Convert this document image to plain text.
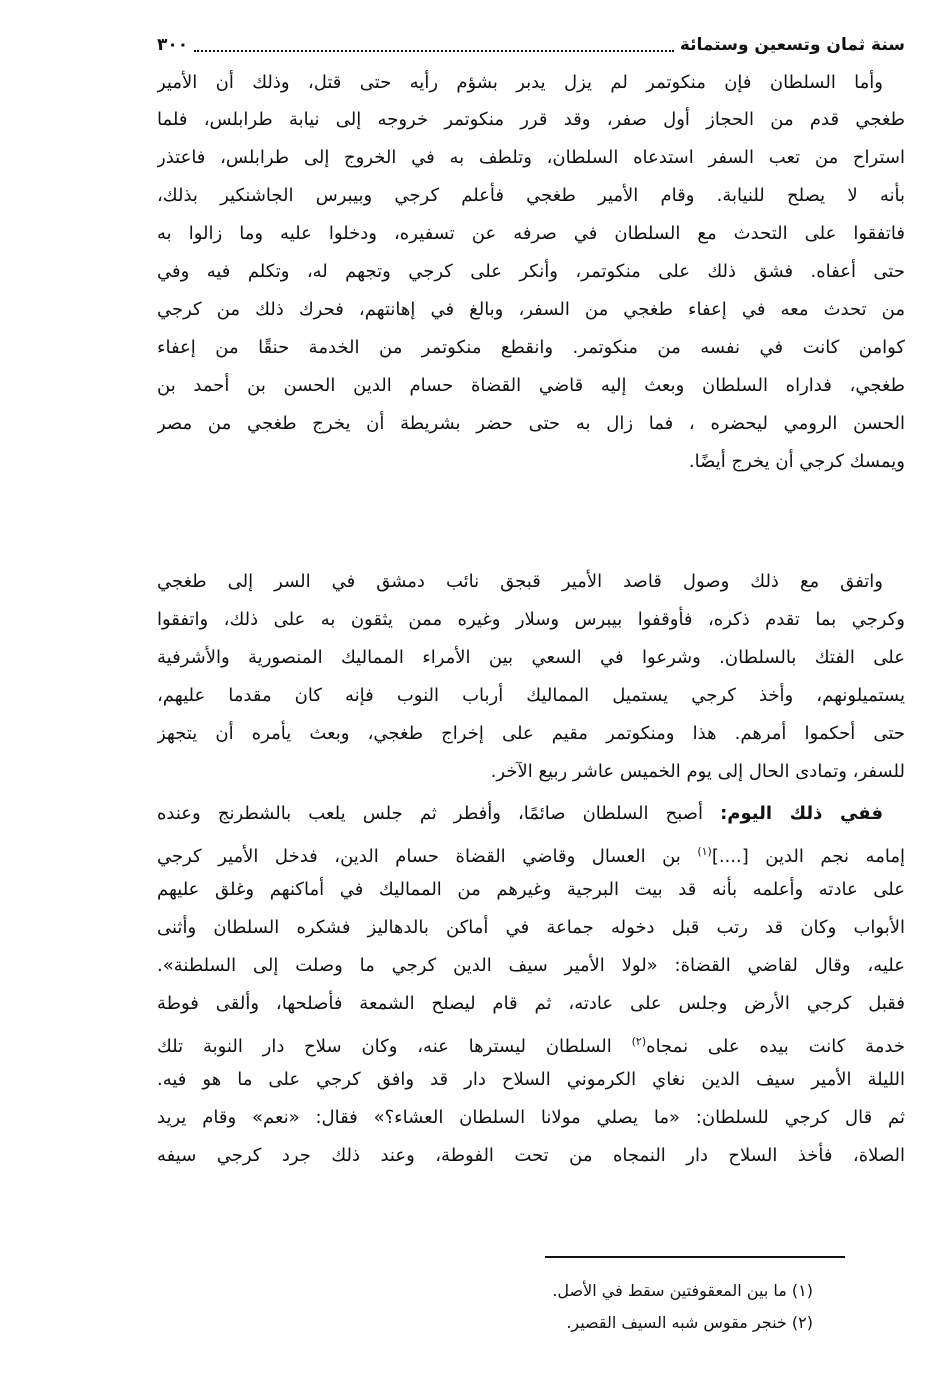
سنة ثمان وتسعين وستمائة
٣٠٠
وأما السلطان فإن منكوتمر لم يزل يدبر بشؤم رأيه حتى قتل، وذلك أن الأمير
طغجي قدم من الحجاز أول صفر، وقد قرر منكوتمر خروجه إلى نيابة طرابلس، فلما
استراح من تعب السفر استدعاه السلطان، وتلطف به في الخروج إلى طرابلس، فاعتذر
بأنه لا يصلح للنيابة. وقام الأمير طغجي فأعلم كرجي وبيبرس الجاشنكير بذلك،
فاتفقوا على التحدث مع السلطان في صرفه عن تسفيره، ودخلوا عليه وما زالوا به
حتى أعفاه. فشق ذلك على منكوتمر، وأنكر على كرجي وتجهم له، وتكلم فيه وفي
من تحدث معه في إعفاء طغجي من السفر، وبالغ في إهانتهم، فحرك ذلك من كرجي
كوامن كانت في نفسه من منكوتمر. وانقطع منكوتمر من الخدمة حنقًا من إعفاء
طغجي، فداراه السلطان وبعث إليه قاضي القضاة حسام الدين الحسن بن أحمد بن
الحسن الرومي ليحضره ، فما زال به حتى حضر بشريطة أن يخرج طغجي من مصر
ويمسك كرجي أن يخرج أيضًا.
واتفق مع ذلك وصول قاصد الأمير قبجق نائب دمشق في السر إلى طغجي
وكرجي بما تقدم ذكره، فأوقفوا بيبرس وسلار وغيره ممن يثقون به على ذلك، واتفقوا
على الفتك بالسلطان. وشرعوا في السعي بين الأمراء المماليك المنصورية والأشرفية
يستميلونهم، وأخذ كرجي يستميل المماليك أرباب النوب فإنه كان مقدما عليهم،
حتى أحكموا أمرهم. هذا ومنكوتمر مقيم على إخراج طغجي، وبعث يأمره أن يتجهز
للسفر، وتمادى الحال إلى يوم الخميس عاشر ربيع الآخر.
ففي ذلك اليوم: أصبح السلطان صائمًا، وأفطر ثم جلس يلعب بالشطرنج وعنده
إمامه نجم الدين [....]$^{(١)}$ بن العسال وقاضي القضاة حسام الدين، فدخل الأمير كرجي
على عادته وأعلمه بأنه قد بيت البرجية وغيرهم من المماليك في أماكنهم وغلق عليهم
الأبواب وكان قد رتب قبل دخوله جماعة في أماكن بالدهاليز فشكره السلطان وأثنى
عليه، وقال لقاضي القضاة: «لولا الأمير سيف الدين كرجي ما وصلت إلى السلطنة».
فقبل كرجي الأرض وجلس على عادته، ثم قام ليصلح الشمعة فأصلحها، وألقى فوطة
خدمة كانت بيده على نمجاه$^{(٢)}$ السلطان ليسترها عنه، وكان سلاح دار النوبة تلك
الليلة الأمير سيف الدين نغاي الكرموني السلاح دار قد وافق كرجي على ما هو فيه.
ثم قال كرجي للسلطان: «ما يصلي مولانا السلطان العشاء؟» فقال: «نعم» وقام يريد
الصلاة، فأخذ السلاح دار النمجاه من تحت الفوطة، وعند ذلك جرد كرجي سيفه
(١) ما بين المعقوفتين سقط في الأصل.
(٢) خنجر مقوس شبه السيف القصير.
